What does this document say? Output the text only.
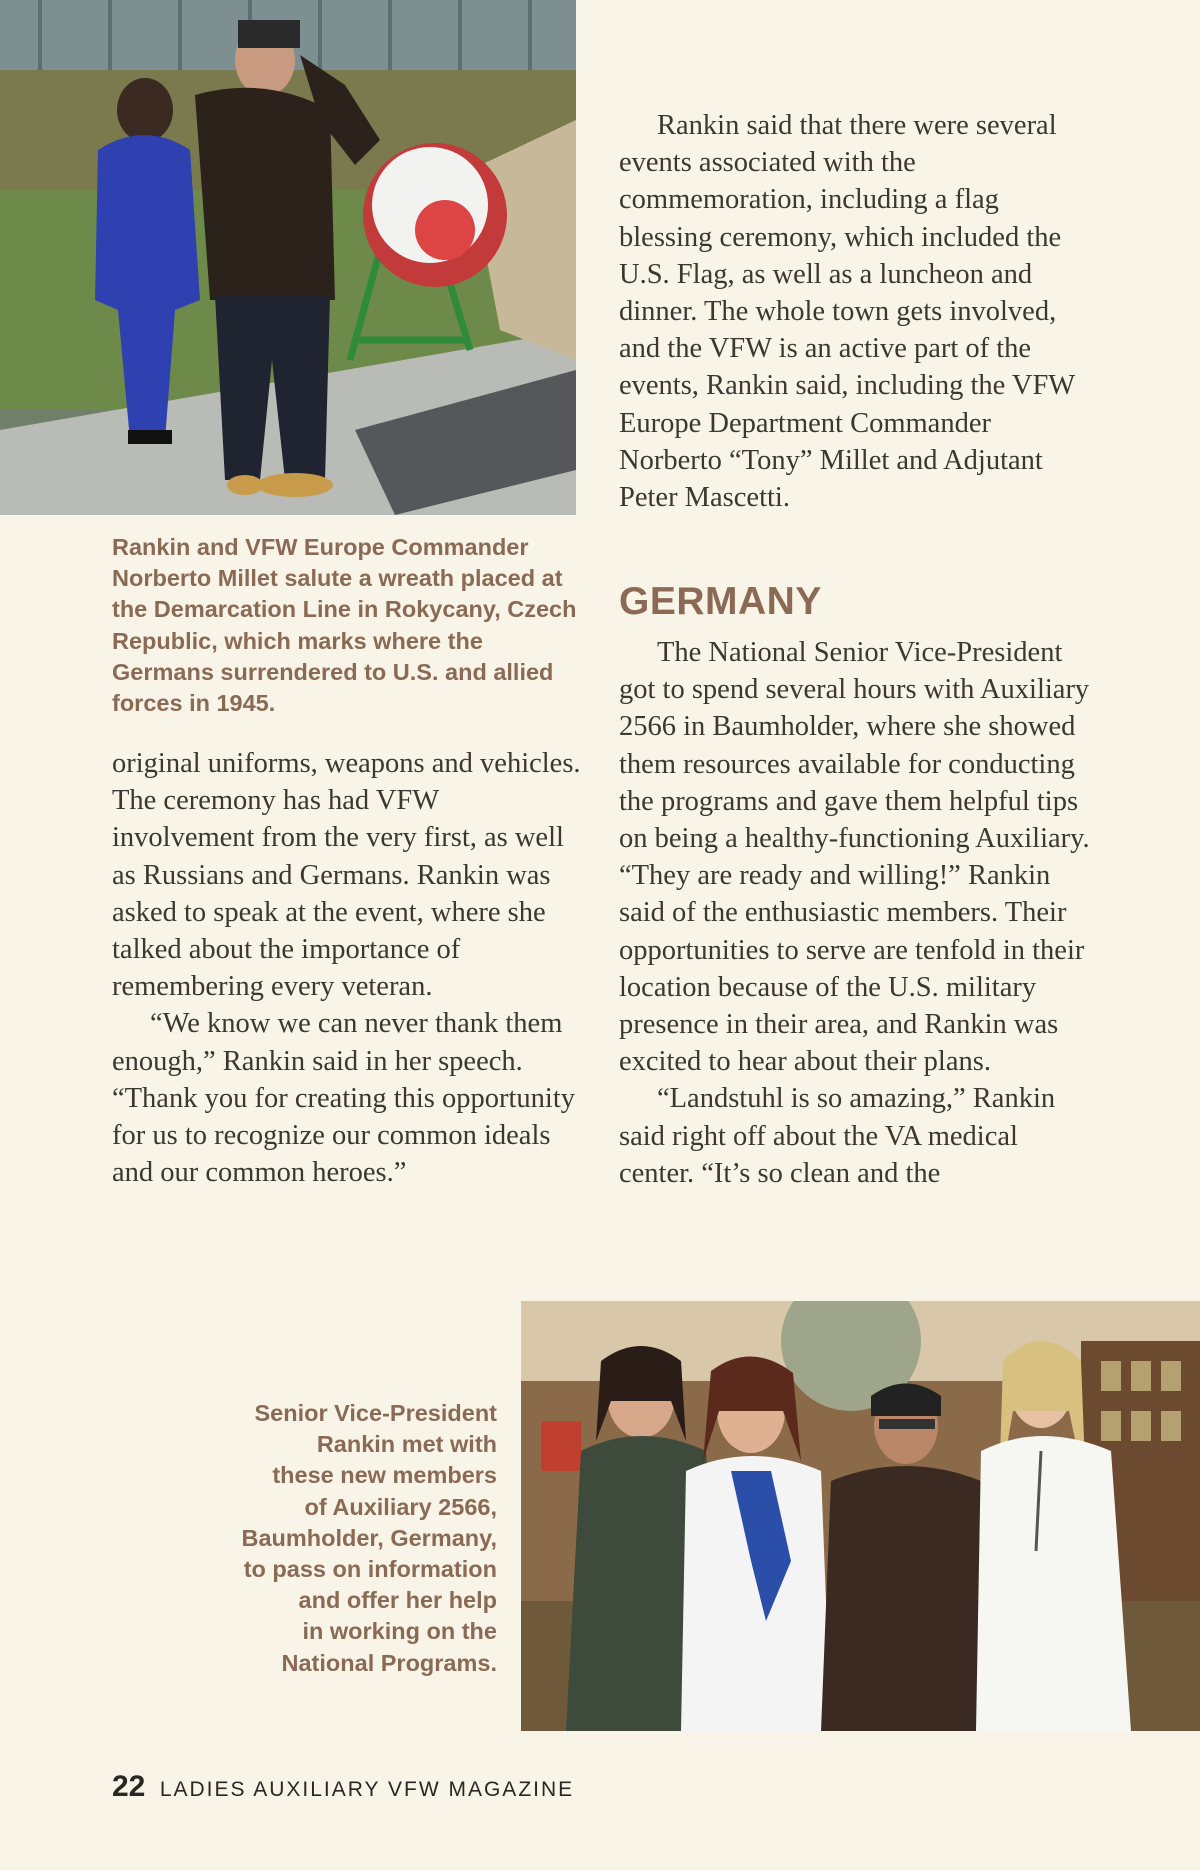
Rankin and VFW Europe Commander Norberto Millet salute a wreath placed at the Demarcation Line in Rokycany, Czech Republic, which marks where the Germans surrendered to U.S. and allied forces in 1945.

original uniforms, weapons and vehicles. The ceremony has had VFW involvement from the very first, as well as Russians and Germans. Rankin was asked to speak at the event, where she talked about the importance of remembering every veteran.

“We know we can never thank them enough,” Rankin said in her speech. “Thank you for creating this opportunity for us to recognize our common ideals and our common heroes.”

Rankin said that there were several events associated with the commemoration, including a flag blessing ceremony, which included the U.S. Flag, as well as a luncheon and dinner. The whole town gets involved, and the VFW is an active part of the events, Rankin said, including the VFW Europe Department Commander Norberto “Tony” Millet and Adjutant Peter Mascetti.

GERMANY

The National Senior Vice-President got to spend several hours with Auxiliary 2566 in Baumholder, where she showed them resources available for conducting the programs and gave them helpful tips on being a healthy-functioning Auxiliary. “They are ready and willing!” Rankin said of the enthusiastic members. Their opportunities to serve are tenfold in their location because of the U.S. military presence in their area, and Rankin was excited to hear about their plans.

“Landstuhl is so amazing,” Rankin said right off about the VA medical center. “It’s so clean and the

Senior Vice-President
Rankin met with
these new members
of Auxiliary 2566,
Baumholder, Germany,
to pass on information
and offer her help
in working on the
National Programs.
22 LADIES AUXILIARY VFW MAGAZINE
